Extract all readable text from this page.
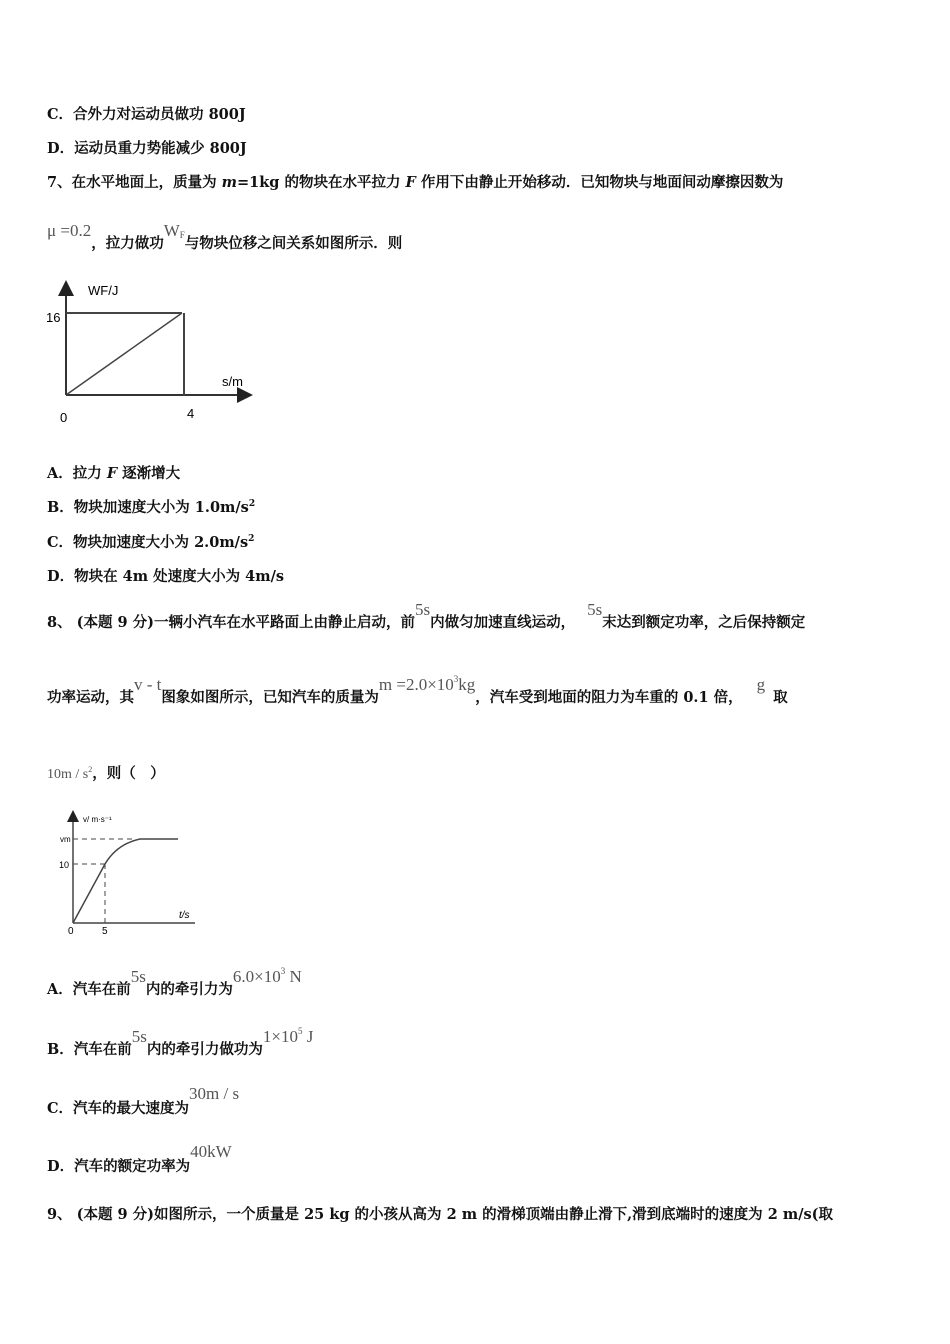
C．合外力对运动员做功 800J
D．运动员重力势能减少 800J
7、在水平地面上，质量为 m=1kg 的物块在水平拉力 F 作用下由静止开始移动．已知物块与地面间动摩擦因数为
μ =0.2，拉力做功$W_F$与物块位移之间关系如图所示．则
WF/J
s/m
16
4
0
A．拉力 F 逐渐增大
B．物块加速度大小为 $1.0m/s^2$
C．物块加速度大小为 $2.0m/s^2$
D．物块在 4m 处速度大小为 4m/s
8、 (本题 9 分)一辆小汽车在水平路面上由静止启动，前5s内做匀加速直线运动，5s末达到额定功率，之后保持额定
功率运动，其v - t图象如图所示，已知汽车的质量为$m =2.0\times 10^3kg$，汽车受到地面的阻力为车重的 0.1 倍，g取
$10m / s^2$，则（　）
v/ m·s⁻¹
vm
10
t/s
5
0
A．汽车在前5s内的牵引力为$6.0\times 10^3$ N
B．汽车在前5s内的牵引力做功为$1\times 10^5$ J
C．汽车的最大速度为30m / s
D．汽车的额定功率为40kW
9、 (本题 9 分)如图所示，一个质量是 25 kg 的小孩从高为 2 m 的滑梯顶端由静止滑下,滑到底端时的速度为 2 m/s(取
